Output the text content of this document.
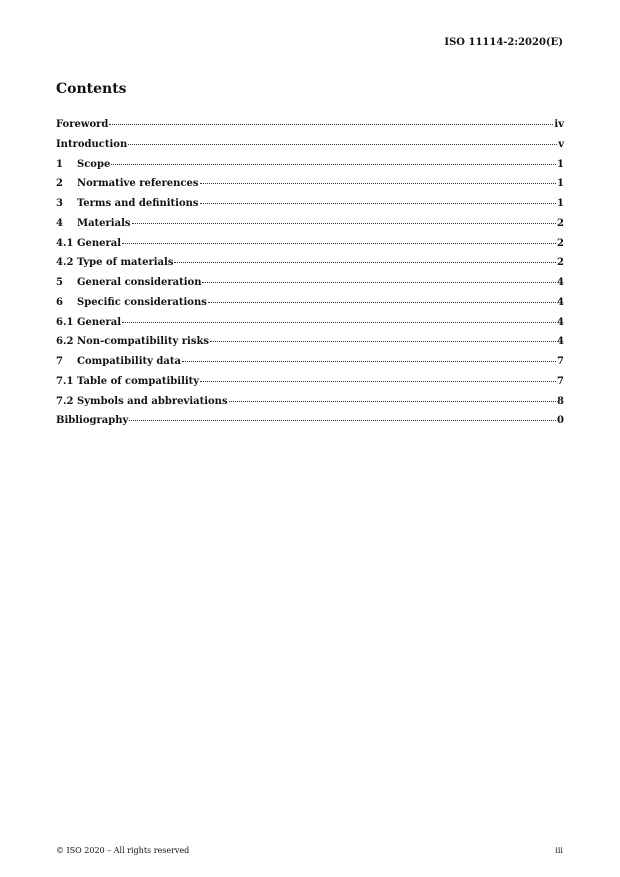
ISO 11114-2:2020(E)
Contents
Foreword	iv
Introduction	v
1	Scope	1
2	Normative references	1
3	Terms and definitions	1
4	Materials	2
4.1 General	2
4.2 Type of materials	2
5	General consideration	4
6	Specific considerations	4
6.1 General	4
6.2 Non-compatibility risks	4
7	Compatibility data	7
7.1 Table of compatibility	7
7.2 Symbols and abbreviations	8
Bibliography	0
© ISO 2020 – All rights reserved	iii
